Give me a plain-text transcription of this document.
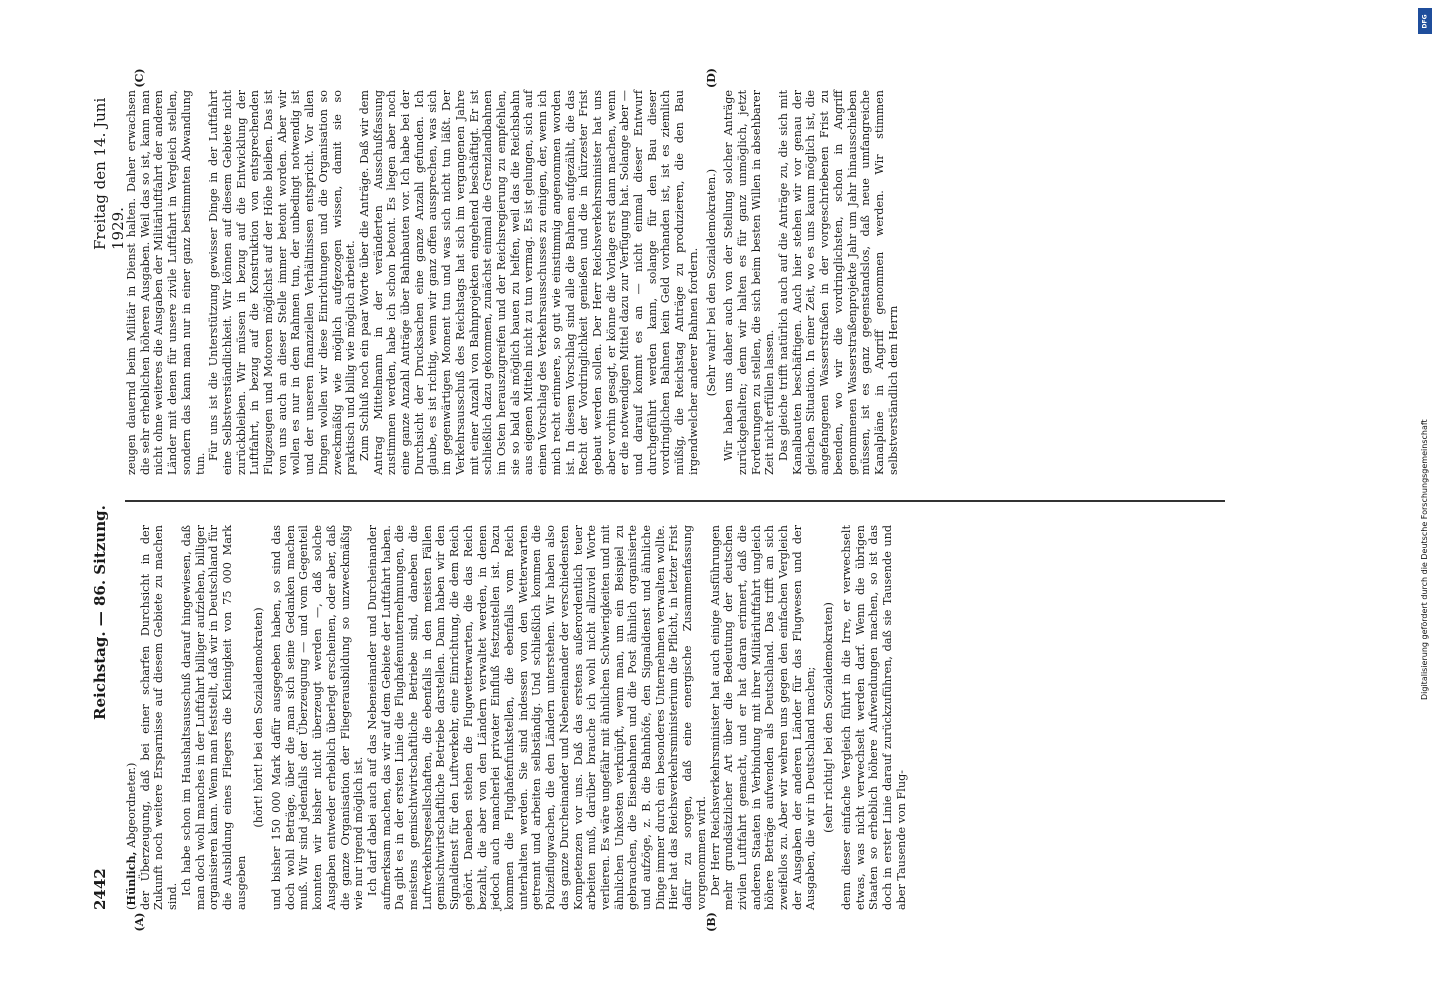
DFG
Digitalisierung gefördert durch die Deutsche Forschungsgemeinschaft
2442
Reichstag. — 86. Sitzung.
Freitag den 14. Juni 1929.
(A)	(B)
(C)	(D)

(Hünlich, Abgeordneter.) der Überzeugung, daß bei einer scharfen Durchsicht in der Zukunft noch weitere Ersparnisse auf diesem Gebiete zu machen sind.

Ich habe schon im Haushaltsausschuß darauf hingewiesen, daß man doch wohl manches in der Luftfahrt billiger aufziehen, billiger organisieren kann. Wenn man feststellt, daß wir in Deutschland für die Ausbildung eines Fliegers die Kleinigkeit von 75 000 Mark ausgeben

(hört! hört! bei den Sozialdemokraten) und bisher 150 000 Mark dafür ausgegeben haben, so sind das doch wohl Beträge, über die man sich seine Gedanken machen muß. Wir sind jedenfalls der Überzeugung — und vom Gegenteil konnten wir bisher nicht überzeugt werden —, daß solche Ausgaben entweder erheblich überlegt erscheinen, oder aber, daß die ganze Organisation der Fliegerausbildung so unzweckmäßig wie nur irgend möglich ist. Ich darf dabei auch auf das Nebeneinander und Durcheinander aufmerksam machen, das wir auf dem Gebiete der Luftfahrt haben. Da gibt es in der ersten Linie die Flughafenunternehmungen, die meistens gemischtwirtschaftliche Betriebe sind, daneben die Luftverkehrsgesellschaften, die ebenfalls in den meisten Fällen gemischtwirtschaftliche Betriebe darstellen. Dann haben wir den Signaldienst für den Luftverkehr, eine Einrichtung, die dem Reich gehört. Daneben stehen die Flugwetterwarten, die das Reich bezahlt, die aber von den Ländern verwaltet werden, in denen jedoch auch mancherlei privater Einfluß festzustellen ist. Dazu kommen die Flughafenfunkstellen, die ebenfalls vom Reich unterhalten werden. Sie sind indessen von den Wetterwarten getrennt und arbeiten selbständig. Und schließlich kommen die Polizeiflugwachen, die den Ländern unterstehen. Wir haben also das ganze Durcheinander und Nebeneinander der verschiedensten Kompetenzen vor uns. Daß das erstens außerordentlich teuer arbeiten muß, darüber brauche ich wohl nicht allzuviel Worte verlieren. Es wäre ungefähr mit ähnlichen Schwierigkeiten und mit ähnlichen Unkosten verknüpft, wenn man, um ein Beispiel zu gebrauchen, die Eisenbahnen und die Post ähnlich organisierte und aufzöge, z. B. die Bahnhöfe, den Signaldienst und ähnliche Dinge immer durch ein besonderes Unternehmen verwalten wollte. Hier hat das Reichsverkehrsministerium die Pflicht, in letzter Frist dafür zu sorgen, daß eine energische Zusammenfassung vorgenommen wird. Der Herr Reichsverkehrsminister hat auch einige Ausführungen mehr grundsätzlicher Art über die Bedeutung der deutschen zivilen Luftfahrt gemacht, und er hat daran erinnert, daß die anderen Staaten in Verbindung mit ihrer Militärluftfahrt ungleich höhere Beträge aufwenden als Deutschland. Das trifft an sich zweifellos zu. Aber wir wehren uns gegen den einfachen Vergleich der Ausgaben der anderen Länder für das Flugwesen und der Ausgaben, die wir in Deutschland machen; (sehr richtig! bei den Sozialdemokraten) denn dieser einfache Vergleich führt in die Irre, er verwechselt etwas, was nicht verwechselt werden darf. Wenn die übrigen Staaten so erheblich höhere Aufwendungen machen, so ist das doch in erster Linie darauf zurückzuführen, daß sie Tausende und aber Tausende von Flug-

zeugen dauernd beim Militär in Dienst halten. Daher erwachsen die sehr erheblichen höheren Ausgaben. Weil das so ist, kann man nicht ohne weiteres die Ausgaben der Militärluftfahrt der anderen Länder mit denen für unsere zivile Luftfahrt in Vergleich stellen, sondern das kann man nur in einer ganz bestimmten Abwandlung tun.

Für uns ist die Unterstützung gewisser Dinge in der Luftfahrt eine Selbstverständlichkeit. Wir können auf diesem Gebiete nicht zurückbleiben. Wir müssen in bezug auf die Entwicklung der Luftfahrt, in bezug auf die Konstruktion von entsprechenden Flugzeugen und Motoren möglichst auf der Höhe bleiben. Das ist von uns auch an dieser Stelle immer betont worden. Aber wir wollen es nur in dem Rahmen tun, der unbedingt notwendig ist und der unseren finanziellen Verhältnissen entspricht. Vor allen Dingen wollen wir diese Einrichtungen und die Organisation so zweckmäßig wie möglich aufgezogen wissen, damit sie so praktisch und billig wie möglich arbeitet. Zum Schluß noch ein paar Worte über die Anträge. Daß wir dem Antrag Mittelmann in der veränderten Ausschußfassung zustimmen werden, habe ich schon betont. Es liegen aber noch eine ganze Anzahl Anträge über Bahnbauten vor. Ich habe bei der Durchsicht der Drucksachen eine ganze Anzahl gefunden. Ich glaube, es ist richtig, wenn wir ganz offen aussprechen, was sich im gegenwärtigen Moment tun und was sich nicht tun läßt. Der Verkehrsausschuß des Reichstags hat sich im vergangenen Jahre mit einer Anzahl von Bahnprojekten eingehend beschäftigt. Er ist schließlich dazu gekommen, zunächst einmal die Grenzlandbahnen im Osten herauszugreifen und der Reichsregierung zu empfehlen, sie so bald als möglich bauen zu helfen, weil das die Reichsbahn aus eigenen Mitteln nicht zu tun vermag. Es ist gelungen, sich auf einen Vorschlag des Verkehrsausschusses zu einigen, der, wenn ich mich recht erinnere, so gut wie einstimmig angenommen worden ist. In diesem Vorschlag sind alle die Bahnen aufgezählt, die das Recht der Vordringlichkeit genießen und die in kürzester Frist gebaut werden sollen. Der Herr Reichsverkehrsminister hat uns aber vorhin gesagt, er könne die Vorlage erst dann machen, wenn er die notwendigen Mittel dazu zur Verfügung hat. Solange aber — und darauf kommt es an — nicht einmal dieser Entwurf durchgeführt werden kann, solange für den Bau dieser vordringlichen Bahnen kein Geld vorhanden ist, ist es ziemlich müßig, die Reichstag Anträge zu produzieren, die den Bau irgendwelcher anderer Bahnen fordern. (Sehr wahr! bei den Sozialdemokraten.) Wir haben uns daher auch von der Stellung solcher Anträge zurückgehalten; denn wir halten es für ganz unmöglich, jetzt Forderungen zu stellen, die sich beim besten Willen in absehbarer Zeit nicht erfüllen lassen. Das gleiche trifft natürlich auch auf die Anträge zu, die sich mit Kanalbauten beschäftigen. Auch hier stehen wir vor genau der gleichen Situation. In einer Zeit, wo es uns kaum möglich ist, die angefangenen Wasserstraßen in der vorgeschriebenen Frist zu beenden, wo wir die vordringlichsten, schon in Angriff genommenen Wasserstraßenprojekte Jahr um Jahr hinausschieben müssen, ist es ganz gegenstandslos, daß neue umfangreiche Kanalpläne in Angriff genommen werden. Wir stimmen selbstverständlich dem Herrn
